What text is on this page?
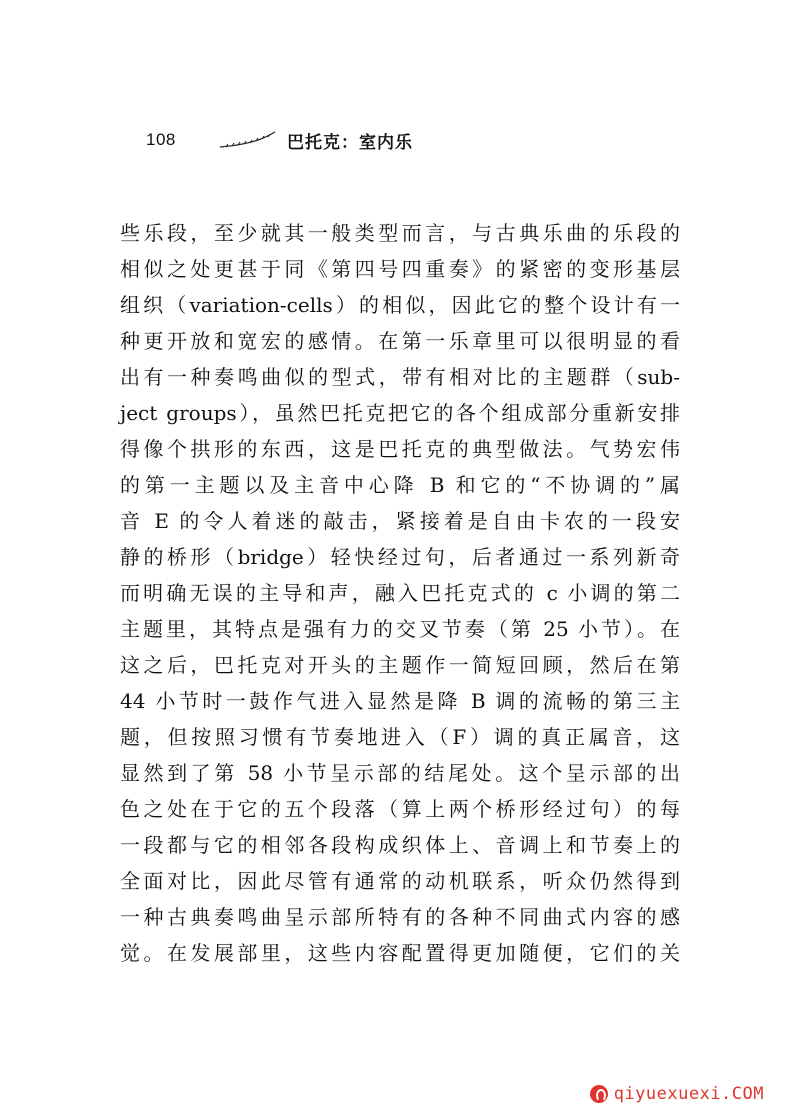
108	巴托克：室内乐
些乐段，至少就其一般类型而言，与古典乐曲的乐段的
相似之处更甚于同《第四号四重奏》的紧密的变形基层
组织（variation-cells）的相似，因此它的整个设计有一
种更开放和宽宏的感情。在第一乐章里可以很明显的看
出有一种奏鸣曲似的型式，带有相对比的主题群（sub-
ject groups），虽然巴托克把它的各个组成部分重新安排
得像个拱形的东西，这是巴托克的典型做法。气势宏伟
的第一主题以及主音中心降 B 和它的“不协调的”属
音 E 的令人着迷的敲击，紧接着是自由卡农的一段安
静的桥形（bridge）轻快经过句，后者通过一系列新奇
而明确无误的主导和声，融入巴托克式的 c 小调的第二
主题里，其特点是强有力的交叉节奏（第 25 小节）。在
这之后，巴托克对开头的主题作一简短回顾，然后在第
44 小节时一鼓作气进入显然是降 B 调的流畅的第三主
题，但按照习惯有节奏地进入（F）调的真正属音，这
显然到了第 58 小节呈示部的结尾处。这个呈示部的出
色之处在于它的五个段落（算上两个桥形经过句）的每
一段都与它的相邻各段构成织体上、音调上和节奏上的
全面对比，因此尽管有通常的动机联系，听众仍然得到
一种古典奏鸣曲呈示部所特有的各种不同曲式内容的感
觉。在发展部里，这些内容配置得更加随便，它们的关
qiyuexuexi.COM
